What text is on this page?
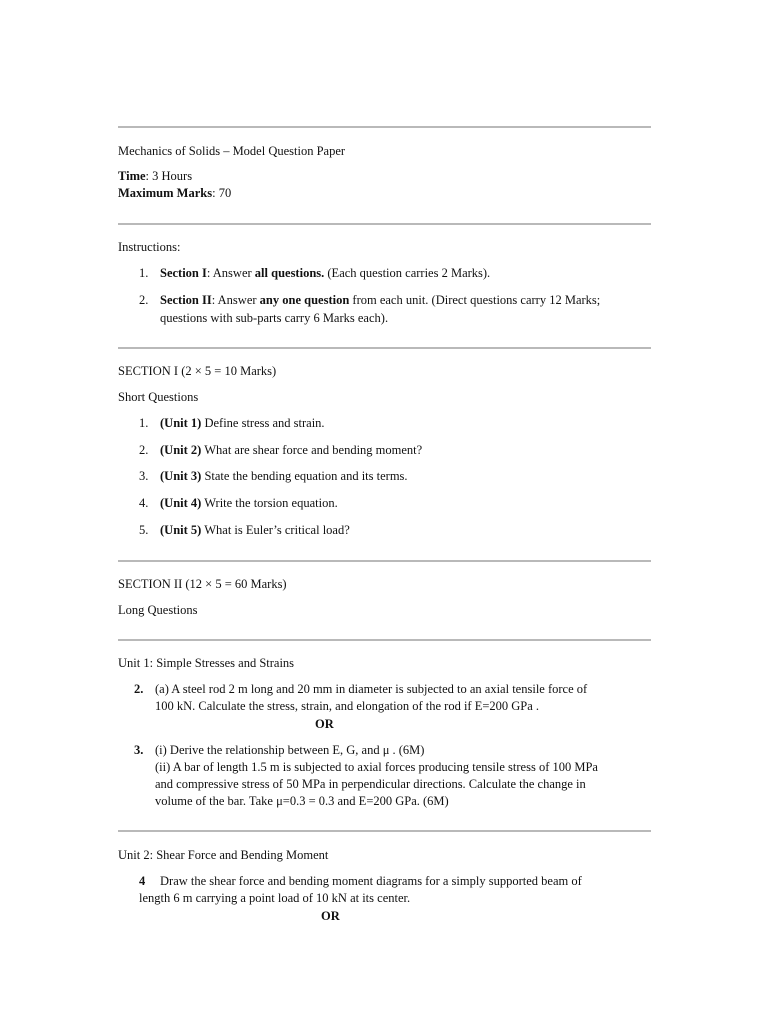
Mechanics of Solids – Model Question Paper
Time: 3 Hours
Maximum Marks: 70
Instructions:
1. Section I: Answer all questions. (Each question carries 2 Marks).
2. Section II: Answer any one question from each unit. (Direct questions carry 12 Marks;
questions with sub-parts carry 6 Marks each).
SECTION I (2 × 5 = 10 Marks)
Short Questions
1. (Unit 1) Define stress and strain.
2. (Unit 2) What are shear force and bending moment?
3. (Unit 3) State the bending equation and its terms.
4. (Unit 4) Write the torsion equation.
5. (Unit 5) What is Euler’s critical load?
SECTION II (12 × 5 = 60 Marks)
Long Questions
Unit 1: Simple Stresses and Strains
2. (a) A steel rod 2 m long and 20 mm in diameter is subjected to an axial tensile force of
100 kN. Calculate the stress, strain, and elongation of the rod if E=200 GPa .
OR
3. (i) Derive the relationship between E, G, and μ . (6M)
(ii) A bar of length 1.5 m is subjected to axial forces producing tensile stress of 100 MPa
and compressive stress of 50 MPa in perpendicular directions. Calculate the change in
volume of the bar. Take μ=0.3 = 0.3 and E=200 GPa. (6M)
Unit 2: Shear Force and Bending Moment
4 Draw the shear force and bending moment diagrams for a simply supported beam of
length 6 m carrying a point load of 10 kN at its center.
OR
